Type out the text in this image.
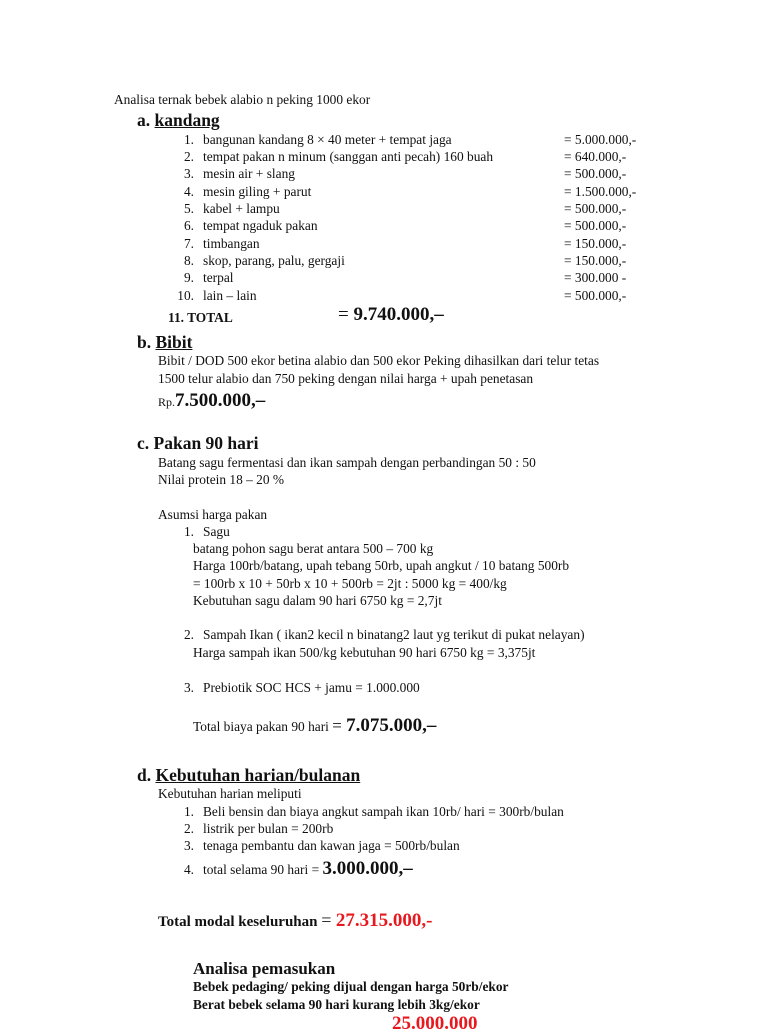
Analisa ternak bebek alabio n peking 1000 ekor
a. kandang
1. bangunan kandang 8 × 40 meter + tempat jaga	= 5.000.000,-
2. tempat pakan n minum (sanggan anti pecah) 160 buah	= 640.000,-
3. mesin air + slang	= 500.000,-
4. mesin giling + parut	= 1.500.000,-
5. kabel + lampu	= 500.000,-
6. tempat ngaduk pakan	= 500.000,-
7. timbangan	= 150.000,-
8. skop, parang, palu, gergaji	= 150.000,-
9. terpal	= 300.000 -
10. lain – lain	= 500.000,-
11. TOTAL	= 9.740.000,–
b. Bibit
Bibit / DOD 500 ekor betina alabio dan 500 ekor Peking dihasilkan dari telur tetas
1500 telur alabio dan 750 peking dengan nilai harga + upah penetasan
Rp.7.500.000,–
c. Pakan 90 hari
Batang sagu fermentasi dan ikan sampah dengan perbandingan 50 : 50
Nilai protein 18 – 20 %
Asumsi harga pakan
1. Sagu
batang pohon sagu berat antara 500 – 700 kg
Harga 100rb/batang, upah tebang 50rb, upah angkut / 10 batang 500rb
= 100rb x 10 + 50rb x 10 + 500rb = 2jt : 5000 kg = 400/kg
Kebutuhan sagu dalam 90 hari 6750 kg = 2,7jt
2. Sampah Ikan ( ikan2 kecil n binatang2 laut yg terikut di pukat nelayan)
Harga sampah ikan 500/kg kebutuhan 90 hari 6750 kg = 3,375jt
3. Prebiotik SOC HCS + jamu = 1.000.000
Total biaya pakan 90 hari = 7.075.000,–
d. Kebutuhan harian/bulanan
Kebutuhan harian meliputi
1. Beli bensin dan biaya angkut sampah ikan 10rb/ hari = 300rb/bulan
2. listrik per bulan = 200rb
3. tenaga pembantu dan kawan jaga = 500rb/bulan
4. total selama 90 hari = 3.000.000,–
Total modal keseluruhan = 27.315.000,-
Analisa pemasukan
Bebek pedaging/ peking dijual dengan harga 50rb/ekor
Berat bebek selama 90 hari kurang lebih 3kg/ekor
25.000.000
